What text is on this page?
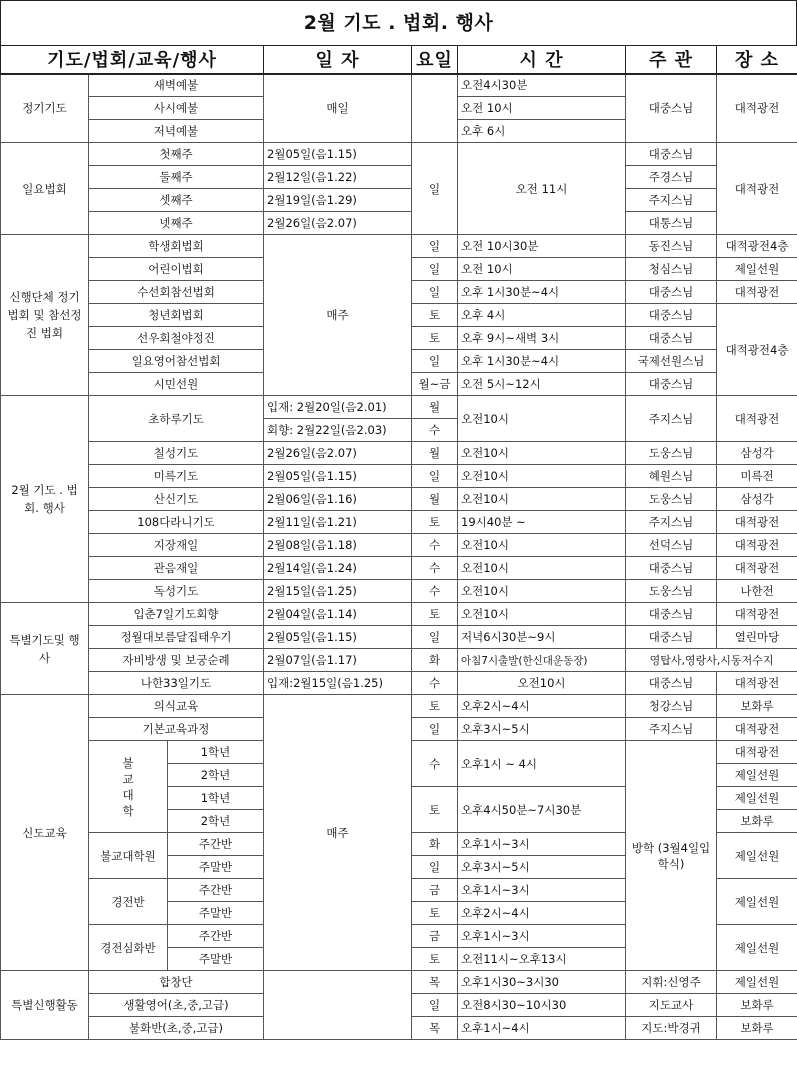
2월 기도 . 법회. 행사
기도/법회/교육/행사			일 자	요일	시 간	주 관	장 소
정기기도	새벽예불		매일		오전4시30분	대중스님	대적광전
	사시예불				오전 10시		
	저녁예불				오후 6시		
일요법회	첫째주		2월05일(음1.15)	일	오전 11시	대중스님	대적광전
	둘째주		2월12일(음1.22)			주경스님	
	셋째주		2월19일(음1.29)			주지스님	
	넷째주		2월26일(음2.07)			대통스님	
신행단체 정기법회 및 참선정진 법회	학생회법회		매주	일	오전 10시30분	동진스님	대적광전4층
	어린이법회			일	오전 10시	청심스님	제일선원
	수선회참선법회			일	오후 1시30분~4시	대중스님	대적광전
	청년회법회			토	오후 4시	대중스님	대적광전4층
	선우회철야정진			토	오후 9시~새벽 3시	대중스님	
	일요영어참선법회			일	오후 1시30분~4시	국제선원스님	
	시민선원			월~금	오전 5시~12시	대중스님	
2월 기도 . 법회. 행사	초하루기도		입재: 2월20일(음2.01)	월	오전10시	주지스님	대적광전
			회향: 2월22일(음2.03)	수			
	칠성기도		2월26일(음2.07)	월	오전10시	도웅스님	삼성각
	미륵기도		2월05일(음1.15)	일	오전10시	혜원스님	미륵전
	산신기도		2월06일(음1.16)	월	오전10시	도웅스님	삼성각
	108다라니기도		2월11일(음1.21)	토	19시40분 ~	주지스님	대적광전
	지장재일		2월08일(음1.18)	수	오전10시	선덕스님	대적광전
	관음재일		2월14일(음1.24)	수	오전10시	대중스님	대적광전
	독성기도		2월15일(음1.25)	수	오전10시	도웅스님	나한전
특별기도및 행사	입춘7일기도회향		2월04일(음1.14)	토	오전10시	대중스님	대적광전
	정월대보름달집태우기		2월05일(음1.15)	일	저녁6시30분~9시	대중스님	열린마당
	자비방생 및 보궁순례		2월07일(음1.17)	화	아침7시출발(한신대운동장)	영탑사,영랑사,시동저수지	
	나한33일기도		입재:2월15일(음1.25)	수	오전10시	대중스님	대적광전
신도교육	의식교육		매주	토	오후2시~4시	청강스님	보화루
	기본교육과정			일	오후3시~5시	주지스님	대적광전
	불 교 대 학	1학년		수	오후1시 ~ 4시	방학 (3월4일입학식)	대적광전
		2학년					제일선원
		1학년		토	오후4시50분~7시30분		제일선원
		2학년					보화루
	불교대학원	주간반		화	오후1시~3시		제일선원
		주말반		일	오후3시~5시		
	경전반	주간반		금	오후1시~3시		제일선원
		주말반		토	오후2시~4시		
	경전심화반	주간반		금	오후1시~3시		제일선원
		주말반		토	오전11시~오후13시		
특별신행활동	합창단			목	오후1시30~3시30	지휘:신영주	제일선원
	생활영어(초,중,고급)			일	오전8시30~10시30	지도교사	보화루
	불화반(초,중,고급)			목	오후1시~4시	지도:박경귀	보화루
